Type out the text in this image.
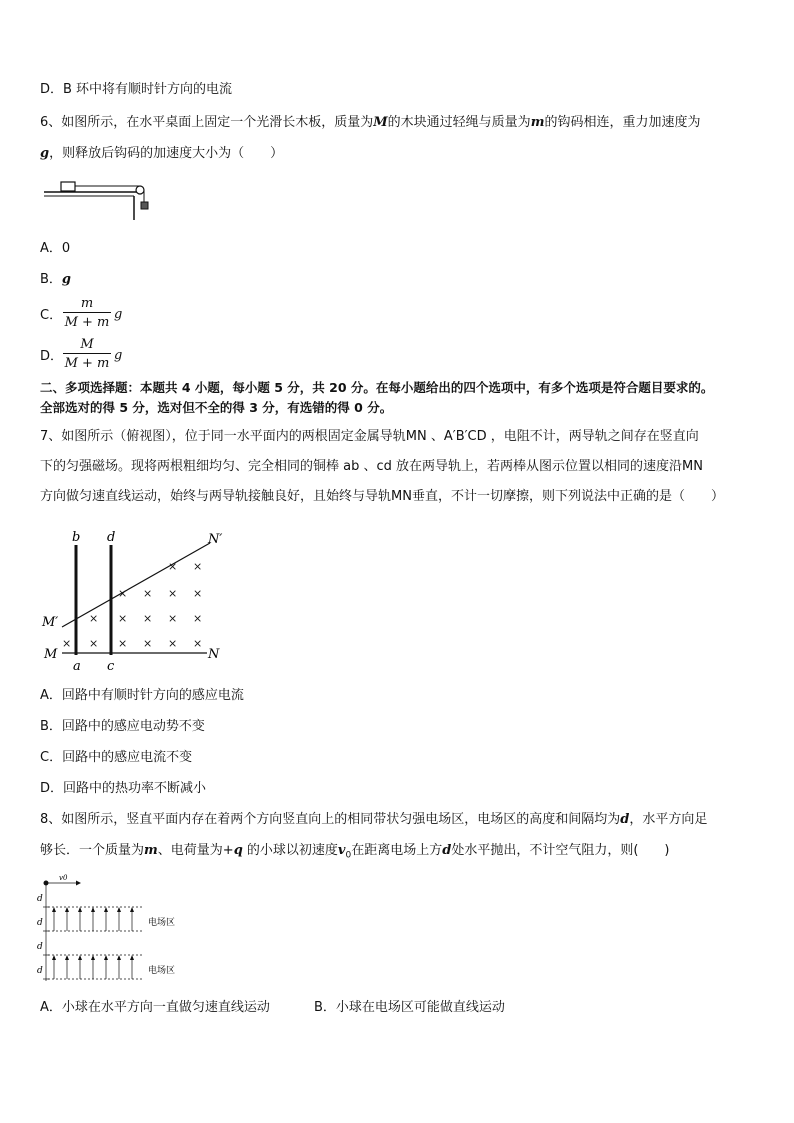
D．B 环中将有顺时针方向的电流
6、如图所示，在水平桌面上固定一个光滑长木板，质量为M的木块通过轻绳与质量为m的钩码相连，重力加速度为
g，则释放后钩码的加速度大小为（　　）
A．0
B．g
C．
m
M + m
g
D．
M
M + m
g
二、多项选择题：本题共 4 小题，每小题 5 分，共 20 分。在每小题给出的四个选项中，有多个选项是符合题目要求的。
全部选对的得 5 分，选对但不全的得 3 分，有选错的得 0 分。
7、如图所示（俯视图），位于同一水平面内的两根固定金属导轨MN 、A′B′CD ，电阻不计，两导轨之间存在竖直向
下的匀强磁场。现将两根粗细均匀、完全相同的铜棒 ab 、cd 放在两导轨上，若两棒从图示位置以相同的速度沿MN
方向做匀速直线运动，始终与两导轨接触良好，且始终与导轨MN垂直，不计一切摩擦，则下列说法中正确的是（　　）
b d	N′
M′
M	N
a c
× ×
× × × ×
× × × × ×
× × × × × ×
A．回路中有顺时针方向的感应电流
B．回路中的感应电动势不变
C．回路中的感应电流不变
D．回路中的热功率不断减小
8、如图所示，竖直平面内存在着两个方向竖直向上的相同带状匀强电场区，电场区的高度和间隔均为d，水平方向足
够长．一个质量为m、电荷量为+q 的小球以初速度$v_0$在距离电场上方d处水平抛出，不计空气阻力，则(　　)
v0
d
d
d
d
电场区
电场区
A．小球在水平方向一直做匀速直线运动	B．小球在电场区可能做直线运动
